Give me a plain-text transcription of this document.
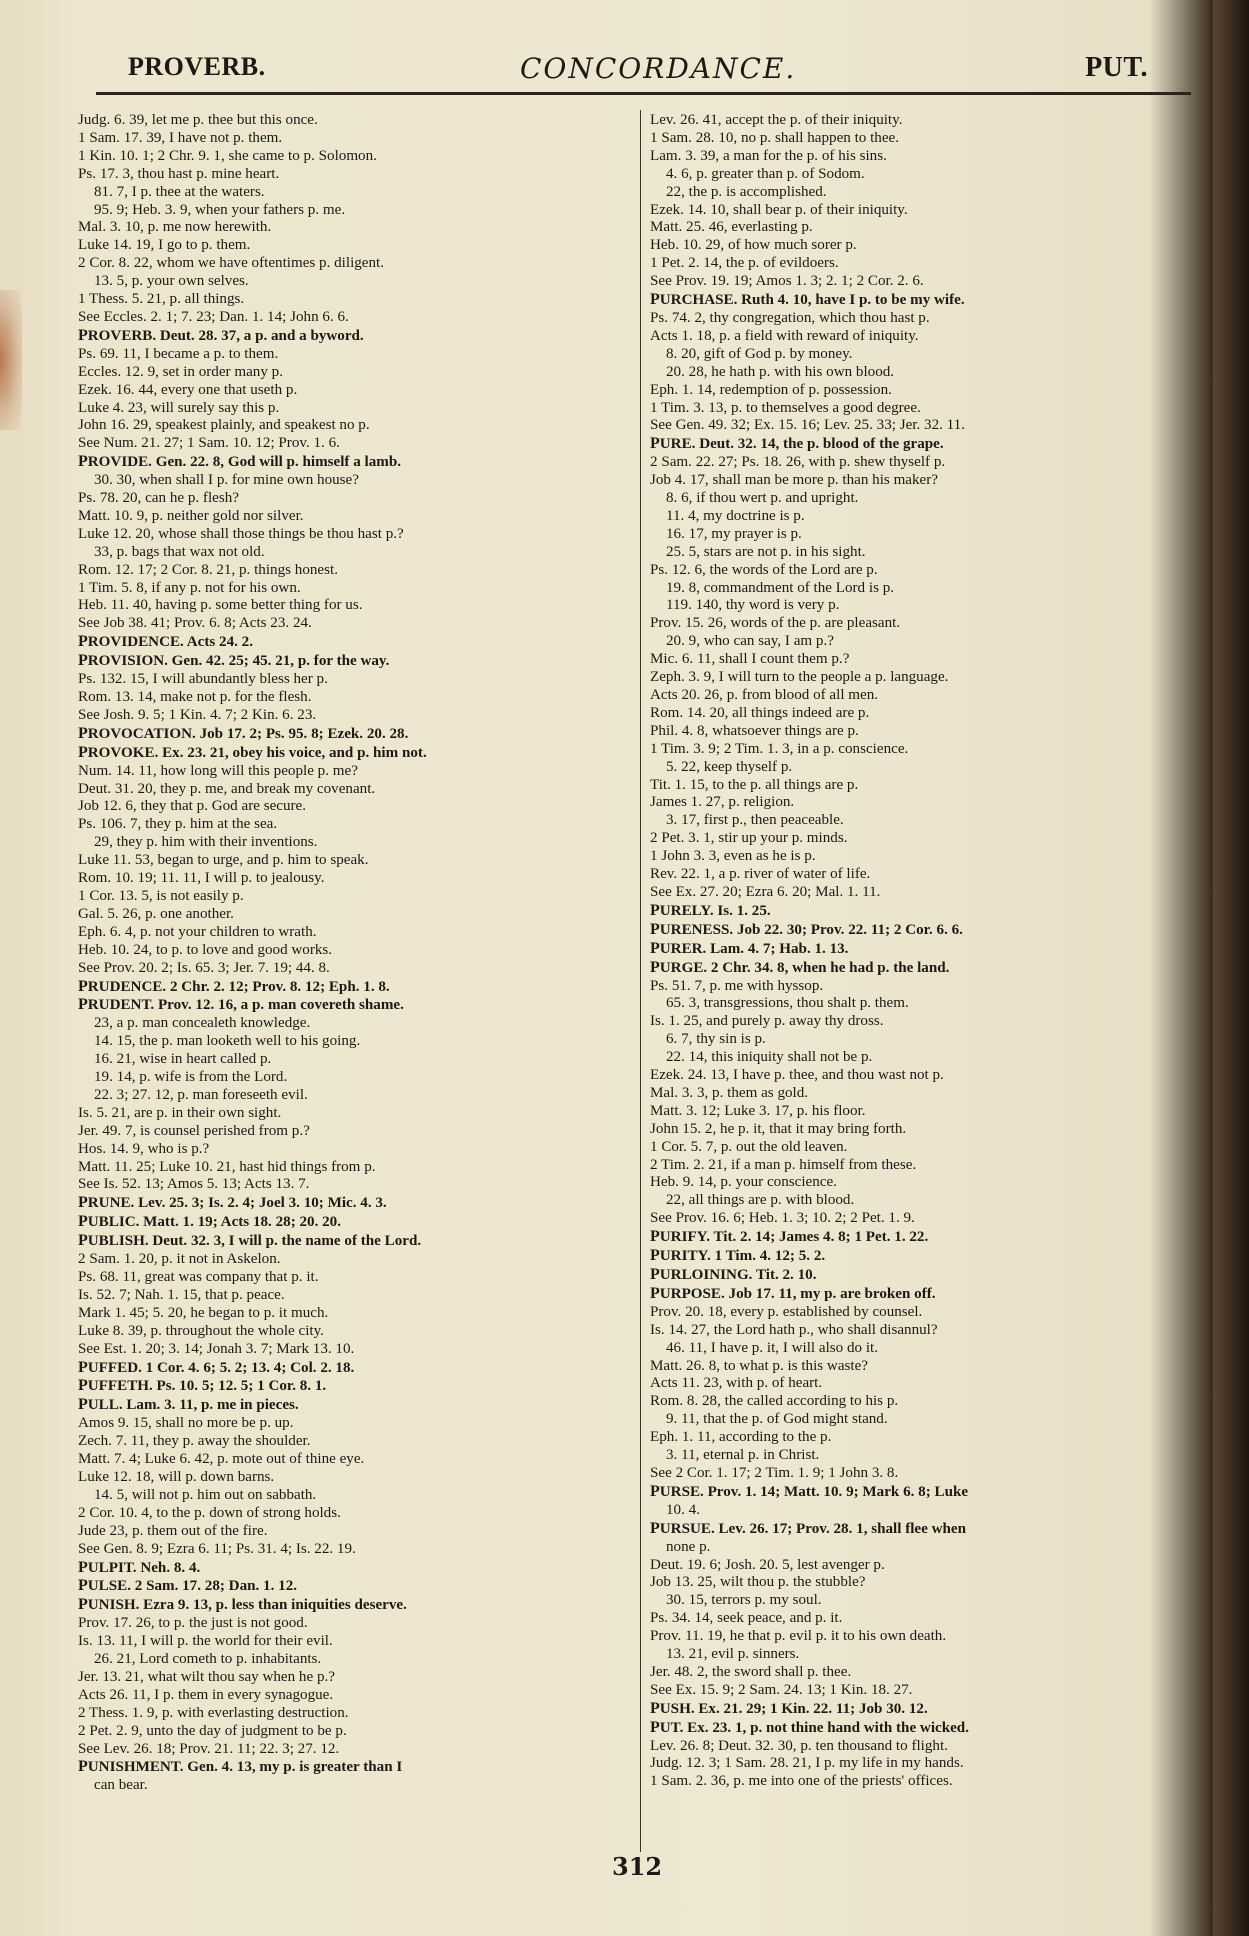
PROVERB.	CONCORDANCE.	PUT.
Judg. 6. 39, let me p. thee but this once.
1 Sam. 17. 39, I have not p. them.
1 Kin. 10. 1; 2 Chr. 9. 1, she came to p. Solomon.
Ps. 17. 3, thou hast p. mine heart.
81. 7, I p. thee at the waters.
95. 9; Heb. 3. 9, when your fathers p. me.
Mal. 3. 10, p. me now herewith.
Luke 14. 19, I go to p. them.
2 Cor. 8. 22, whom we have oftentimes p. diligent.
13. 5, p. your own selves.
1 Thess. 5. 21, p. all things.
See Eccles. 2. 1; 7. 23; Dan. 1. 14; John 6. 6.
PROVERB. Deut. 28. 37, a p. and a byword.
Ps. 69. 11, I became a p. to them.
Eccles. 12. 9, set in order many p.
Ezek. 16. 44, every one that useth p.
Luke 4. 23, will surely say this p.
John 16. 29, speakest plainly, and speakest no p.
See Num. 21. 27; 1 Sam. 10. 12; Prov. 1. 6.
PROVIDE. Gen. 22. 8, God will p. himself a lamb.
30. 30, when shall I p. for mine own house?
Ps. 78. 20, can he p. flesh?
Matt. 10. 9, p. neither gold nor silver.
Luke 12. 20, whose shall those things be thou hast p.?
33, p. bags that wax not old.
Rom. 12. 17; 2 Cor. 8. 21, p. things honest.
1 Tim. 5. 8, if any p. not for his own.
Heb. 11. 40, having p. some better thing for us.
See Job 38. 41; Prov. 6. 8; Acts 23. 24.
PROVIDENCE. Acts 24. 2.
PROVISION. Gen. 42. 25; 45. 21, p. for the way.
Ps. 132. 15, I will abundantly bless her p.
Rom. 13. 14, make not p. for the flesh.
See Josh. 9. 5; 1 Kin. 4. 7; 2 Kin. 6. 23.
PROVOCATION. Job 17. 2; Ps. 95. 8; Ezek. 20. 28.
PROVOKE. Ex. 23. 21, obey his voice, and p. him not.
Num. 14. 11, how long will this people p. me?
Deut. 31. 20, they p. me, and break my covenant.
Job 12. 6, they that p. God are secure.
Ps. 106. 7, they p. him at the sea.
29, they p. him with their inventions.
Luke 11. 53, began to urge, and p. him to speak.
Rom. 10. 19; 11. 11, I will p. to jealousy.
1 Cor. 13. 5, is not easily p.
Gal. 5. 26, p. one another.
Eph. 6. 4, p. not your children to wrath.
Heb. 10. 24, to p. to love and good works.
See Prov. 20. 2; Is. 65. 3; Jer. 7. 19; 44. 8.
PRUDENCE. 2 Chr. 2. 12; Prov. 8. 12; Eph. 1. 8.
PRUDENT. Prov. 12. 16, a p. man covereth shame.
23, a p. man concealeth knowledge.
14. 15, the p. man looketh well to his going.
16. 21, wise in heart called p.
19. 14, p. wife is from the Lord.
22. 3; 27. 12, p. man foreseeth evil.
Is. 5. 21, are p. in their own sight.
Jer. 49. 7, is counsel perished from p.?
Hos. 14. 9, who is p.?
Matt. 11. 25; Luke 10. 21, hast hid things from p.
See Is. 52. 13; Amos 5. 13; Acts 13. 7.
PRUNE. Lev. 25. 3; Is. 2. 4; Joel 3. 10; Mic. 4. 3.
PUBLIC. Matt. 1. 19; Acts 18. 28; 20. 20.
PUBLISH. Deut. 32. 3, I will p. the name of the Lord.
2 Sam. 1. 20, p. it not in Askelon.
Ps. 68. 11, great was company that p. it.
Is. 52. 7; Nah. 1. 15, that p. peace.
Mark 1. 45; 5. 20, he began to p. it much.
Luke 8. 39, p. throughout the whole city.
See Est. 1. 20; 3. 14; Jonah 3. 7; Mark 13. 10.
PUFFED. 1 Cor. 4. 6; 5. 2; 13. 4; Col. 2. 18.
PUFFETH. Ps. 10. 5; 12. 5; 1 Cor. 8. 1.
PULL. Lam. 3. 11, p. me in pieces.
Amos 9. 15, shall no more be p. up.
Zech. 7. 11, they p. away the shoulder.
Matt. 7. 4; Luke 6. 42, p. mote out of thine eye.
Luke 12. 18, will p. down barns.
14. 5, will not p. him out on sabbath.
2 Cor. 10. 4, to the p. down of strong holds.
Jude 23, p. them out of the fire.
See Gen. 8. 9; Ezra 6. 11; Ps. 31. 4; Is. 22. 19.
PULPIT. Neh. 8. 4.
PULSE. 2 Sam. 17. 28; Dan. 1. 12.
PUNISH. Ezra 9. 13, p. less than iniquities deserve.
Prov. 17. 26, to p. the just is not good.
Is. 13. 11, I will p. the world for their evil.
26. 21, Lord cometh to p. inhabitants.
Jer. 13. 21, what wilt thou say when he p.?
Acts 26. 11, I p. them in every synagogue.
2 Thess. 1. 9, p. with everlasting destruction.
2 Pet. 2. 9, unto the day of judgment to be p.
See Lev. 26. 18; Prov. 21. 11; 22. 3; 27. 12.
PUNISHMENT. Gen. 4. 13, my p. is greater than I
can bear.
Lev. 26. 41, accept the p. of their iniquity.
1 Sam. 28. 10, no p. shall happen to thee.
Lam. 3. 39, a man for the p. of his sins.
4. 6, p. greater than p. of Sodom.
22, the p. is accomplished.
Ezek. 14. 10, shall bear p. of their iniquity.
Matt. 25. 46, everlasting p.
Heb. 10. 29, of how much sorer p.
1 Pet. 2. 14, the p. of evildoers.
See Prov. 19. 19; Amos 1. 3; 2. 1; 2 Cor. 2. 6.
PURCHASE. Ruth 4. 10, have I p. to be my wife.
Ps. 74. 2, thy congregation, which thou hast p.
Acts 1. 18, p. a field with reward of iniquity.
8. 20, gift of God p. by money.
20. 28, he hath p. with his own blood.
Eph. 1. 14, redemption of p. possession.
1 Tim. 3. 13, p. to themselves a good degree.
See Gen. 49. 32; Ex. 15. 16; Lev. 25. 33; Jer. 32. 11.
PURE. Deut. 32. 14, the p. blood of the grape.
2 Sam. 22. 27; Ps. 18. 26, with p. shew thyself p.
Job 4. 17, shall man be more p. than his maker?
8. 6, if thou wert p. and upright.
11. 4, my doctrine is p.
16. 17, my prayer is p.
25. 5, stars are not p. in his sight.
Ps. 12. 6, the words of the Lord are p.
19. 8, commandment of the Lord is p.
119. 140, thy word is very p.
Prov. 15. 26, words of the p. are pleasant.
20. 9, who can say, I am p.?
Mic. 6. 11, shall I count them p.?
Zeph. 3. 9, I will turn to the people a p. language.
Acts 20. 26, p. from blood of all men.
Rom. 14. 20, all things indeed are p.
Phil. 4. 8, whatsoever things are p.
1 Tim. 3. 9; 2 Tim. 1. 3, in a p. conscience.
5. 22, keep thyself p.
Tit. 1. 15, to the p. all things are p.
James 1. 27, p. religion.
3. 17, first p., then peaceable.
2 Pet. 3. 1, stir up your p. minds.
1 John 3. 3, even as he is p.
Rev. 22. 1, a p. river of water of life.
See Ex. 27. 20; Ezra 6. 20; Mal. 1. 11.
PURELY. Is. 1. 25.
PURENESS. Job 22. 30; Prov. 22. 11; 2 Cor. 6. 6.
PURER. Lam. 4. 7; Hab. 1. 13.
PURGE. 2 Chr. 34. 8, when he had p. the land.
Ps. 51. 7, p. me with hyssop.
65. 3, transgressions, thou shalt p. them.
Is. 1. 25, and purely p. away thy dross.
6. 7, thy sin is p.
22. 14, this iniquity shall not be p.
Ezek. 24. 13, I have p. thee, and thou wast not p.
Mal. 3. 3, p. them as gold.
Matt. 3. 12; Luke 3. 17, p. his floor.
John 15. 2, he p. it, that it may bring forth.
1 Cor. 5. 7, p. out the old leaven.
2 Tim. 2. 21, if a man p. himself from these.
Heb. 9. 14, p. your conscience.
22, all things are p. with blood.
See Prov. 16. 6; Heb. 1. 3; 10. 2; 2 Pet. 1. 9.
PURIFY. Tit. 2. 14; James 4. 8; 1 Pet. 1. 22.
PURITY. 1 Tim. 4. 12; 5. 2.
PURLOINING. Tit. 2. 10.
PURPOSE. Job 17. 11, my p. are broken off.
Prov. 20. 18, every p. established by counsel.
Is. 14. 27, the Lord hath p., who shall disannul?
46. 11, I have p. it, I will also do it.
Matt. 26. 8, to what p. is this waste?
Acts 11. 23, with p. of heart.
Rom. 8. 28, the called according to his p.
9. 11, that the p. of God might stand.
Eph. 1. 11, according to the p.
3. 11, eternal p. in Christ.
See 2 Cor. 1. 17; 2 Tim. 1. 9; 1 John 3. 8.
PURSE. Prov. 1. 14; Matt. 10. 9; Mark 6. 8; Luke
10. 4.
PURSUE. Lev. 26. 17; Prov. 28. 1, shall flee when
none p.
Deut. 19. 6; Josh. 20. 5, lest avenger p.
Job 13. 25, wilt thou p. the stubble?
30. 15, terrors p. my soul.
Ps. 34. 14, seek peace, and p. it.
Prov. 11. 19, he that p. evil p. it to his own death.
13. 21, evil p. sinners.
Jer. 48. 2, the sword shall p. thee.
See Ex. 15. 9; 2 Sam. 24. 13; 1 Kin. 18. 27.
PUSH. Ex. 21. 29; 1 Kin. 22. 11; Job 30. 12.
PUT. Ex. 23. 1, p. not thine hand with the wicked.
Lev. 26. 8; Deut. 32. 30, p. ten thousand to flight.
Judg. 12. 3; 1 Sam. 28. 21, I p. my life in my hands.
1 Sam. 2. 36, p. me into one of the priests' offices.
312
